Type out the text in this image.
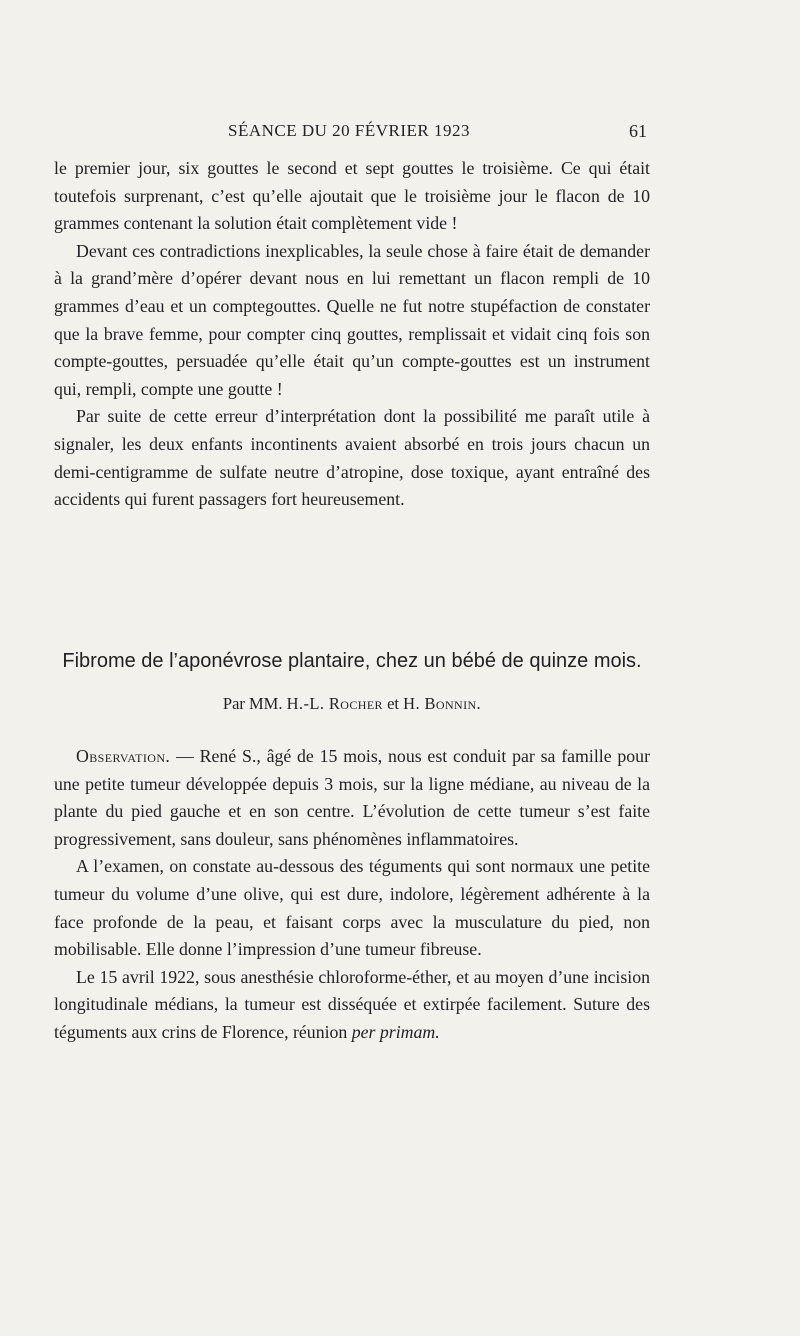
SÉANCE DU 20 FÉVRIER 1923	61

le premier jour, six gouttes le second et sept gouttes le troisième. Ce qui était toutefois surprenant, c’est qu’elle ajoutait que le troisième jour le flacon de 10 grammes contenant la solution était complètement vide !

Devant ces contradictions inexplicables, la seule chose à faire était de demander à la grand’mère d’opérer devant nous en lui remettant un flacon rempli de 10 grammes d’eau et un comptegouttes. Quelle ne fut notre stupéfaction de constater que la brave femme, pour compter cinq gouttes, remplissait et vidait cinq fois son compte-gouttes, persuadée qu’elle était qu’un compte-gouttes est un instrument qui, rempli, compte une goutte !

Par suite de cette erreur d’interprétation dont la possibilité me paraît utile à signaler, les deux enfants incontinents avaient absorbé en trois jours chacun un demi-centigramme de sulfate neutre d’atropine, dose toxique, ayant entraîné des accidents qui furent passagers fort heureusement.

Fibrome de l’aponévrose plantaire, chez un bébé de quinze mois.
Par MM. H.-L. Rocher et H. Bonnin.

Observation. — René S., âgé de 15 mois, nous est conduit par sa famille pour une petite tumeur développée depuis 3 mois, sur la ligne médiane, au niveau de la plante du pied gauche et en son centre. L’évolution de cette tumeur s’est faite progressivement, sans douleur, sans phénomènes inflammatoires.

A l’examen, on constate au-dessous des téguments qui sont normaux une petite tumeur du volume d’une olive, qui est dure, indolore, légèrement adhérente à la face profonde de la peau, et faisant corps avec la musculature du pied, non mobilisable. Elle donne l’impression d’une tumeur fibreuse.

Le 15 avril 1922, sous anesthésie chloroforme-éther, et au moyen d’une incision longitudinale médians, la tumeur est disséquée et extirpée facilement. Suture des téguments aux crins de Florence, réunion per primam.
